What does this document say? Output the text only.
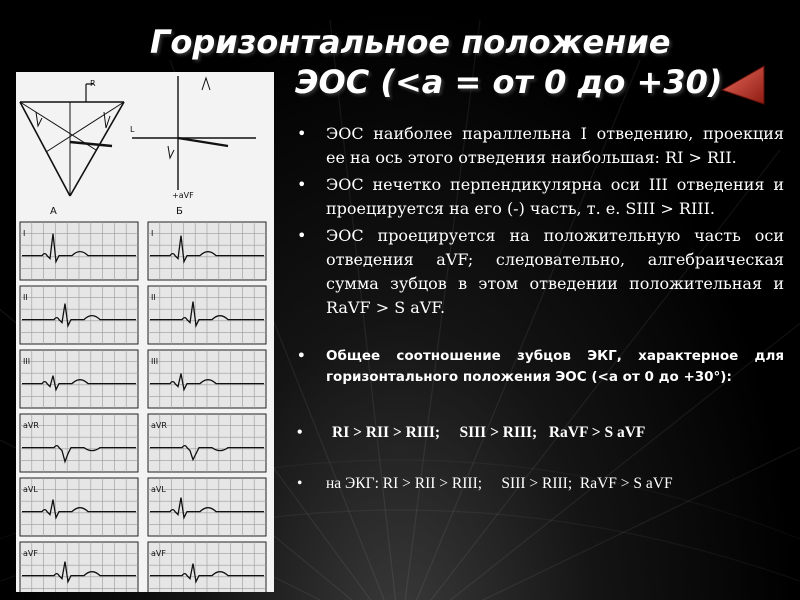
R
А
L
+aVF
Б
I
II
III
aVR
aVL
aVF
I
II
III
aVR
aVL
aVF
Горизонтальное положение
ЭОС (<а = от 0 до +30)
• ЭОС наиболее параллельна I отведению, проекция ее на ось этого отведения наибольшая: RI > RII.
• ЭОС нечетко перпендикулярна оси III отведения и проецируется на его (-) часть, т. е. SIII > RIII.
• ЭОС проецируется на положительную часть оси отведения aVF; следовательно, алгебраическая сумма зубцов в этом отведении положительная и RaVF > S aVF.
• Общее соотношение зубцов ЭКГ, характерное для горизонтального положения ЭОС (<a от 0 до +30°):
• RI > RII > RIII;     SIII > RIII;   RaVF > S aVF
• на ЭКГ: RI > RII > RIII;     SIII > RIII;  RaVF > S aVF
